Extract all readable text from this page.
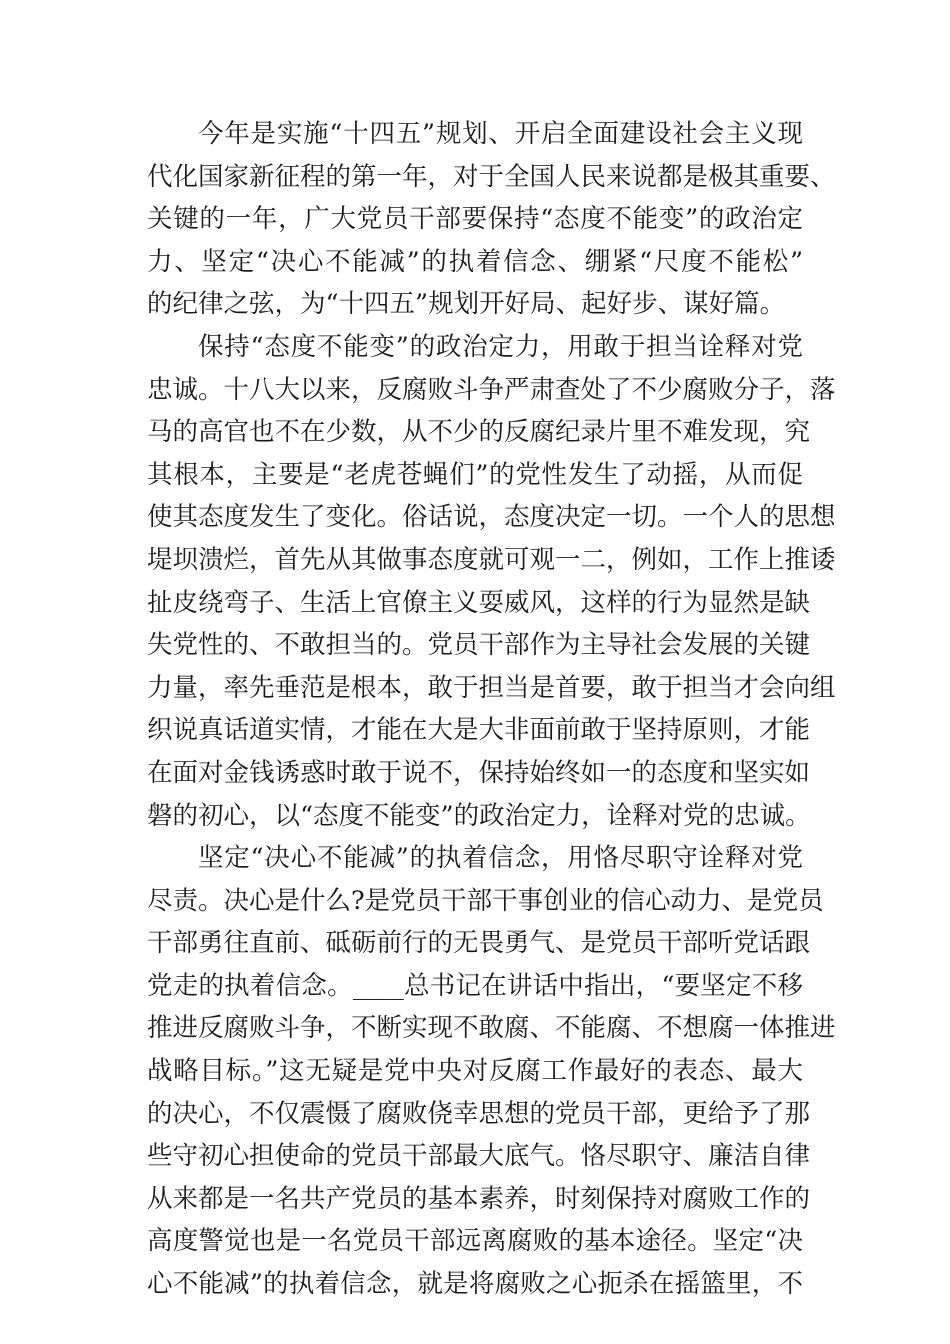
今年是实施“十四五”规划、开启全面建设社会主义现
代化国家新征程的第一年，对于全国人民来说都是极其重要、
关键的一年，广大党员干部要保持“态度不能变”的政治定
力、坚定“决心不能减”的执着信念、绷紧“尺度不能松”
的纪律之弦，为“十四五”规划开好局、起好步、谋好篇。
保持“态度不能变”的政治定力，用敢于担当诠释对党
忠诚。十八大以来，反腐败斗争严肃查处了不少腐败分子，落
马的高官也不在少数，从不少的反腐纪录片里不难发现，究
其根本，主要是“老虎苍蝇们”的党性发生了动摇，从而促
使其态度发生了变化。俗话说，态度决定一切。一个人的思想
堤坝溃烂，首先从其做事态度就可观一二，例如，工作上推诿
扯皮绕弯子、生活上官僚主义耍威风，这样的行为显然是缺
失党性的、不敢担当的。党员干部作为主导社会发展的关键
力量，率先垂范是根本，敢于担当是首要，敢于担当才会向组
织说真话道实情，才能在大是大非面前敢于坚持原则，才能
在面对金钱诱惑时敢于说不，保持始终如一的态度和坚实如
磐的初心，以“态度不能变”的政治定力，诠释对党的忠诚。
坚定“决心不能减”的执着信念，用恪尽职守诠释对党
尽责。决心是什么?是党员干部干事创业的信心动力、是党员
干部勇往直前、砥砺前行的无畏勇气、是党员干部听党话跟
党走的执着信念。____总书记在讲话中指出，“要坚定不移
推进反腐败斗争，不断实现不敢腐、不能腐、不想腐一体推进
战略目标。”这无疑是党中央对反腐工作最好的表态、最大
的决心，不仅震慑了腐败侥幸思想的党员干部，更给予了那
些守初心担使命的党员干部最大底气。恪尽职守、廉洁自律
从来都是一名共产党员的基本素养，时刻保持对腐败工作的
高度警觉也是一名党员干部远离腐败的基本途径。坚定“决
心不能减”的执着信念，就是将腐败之心扼杀在摇篮里，不
